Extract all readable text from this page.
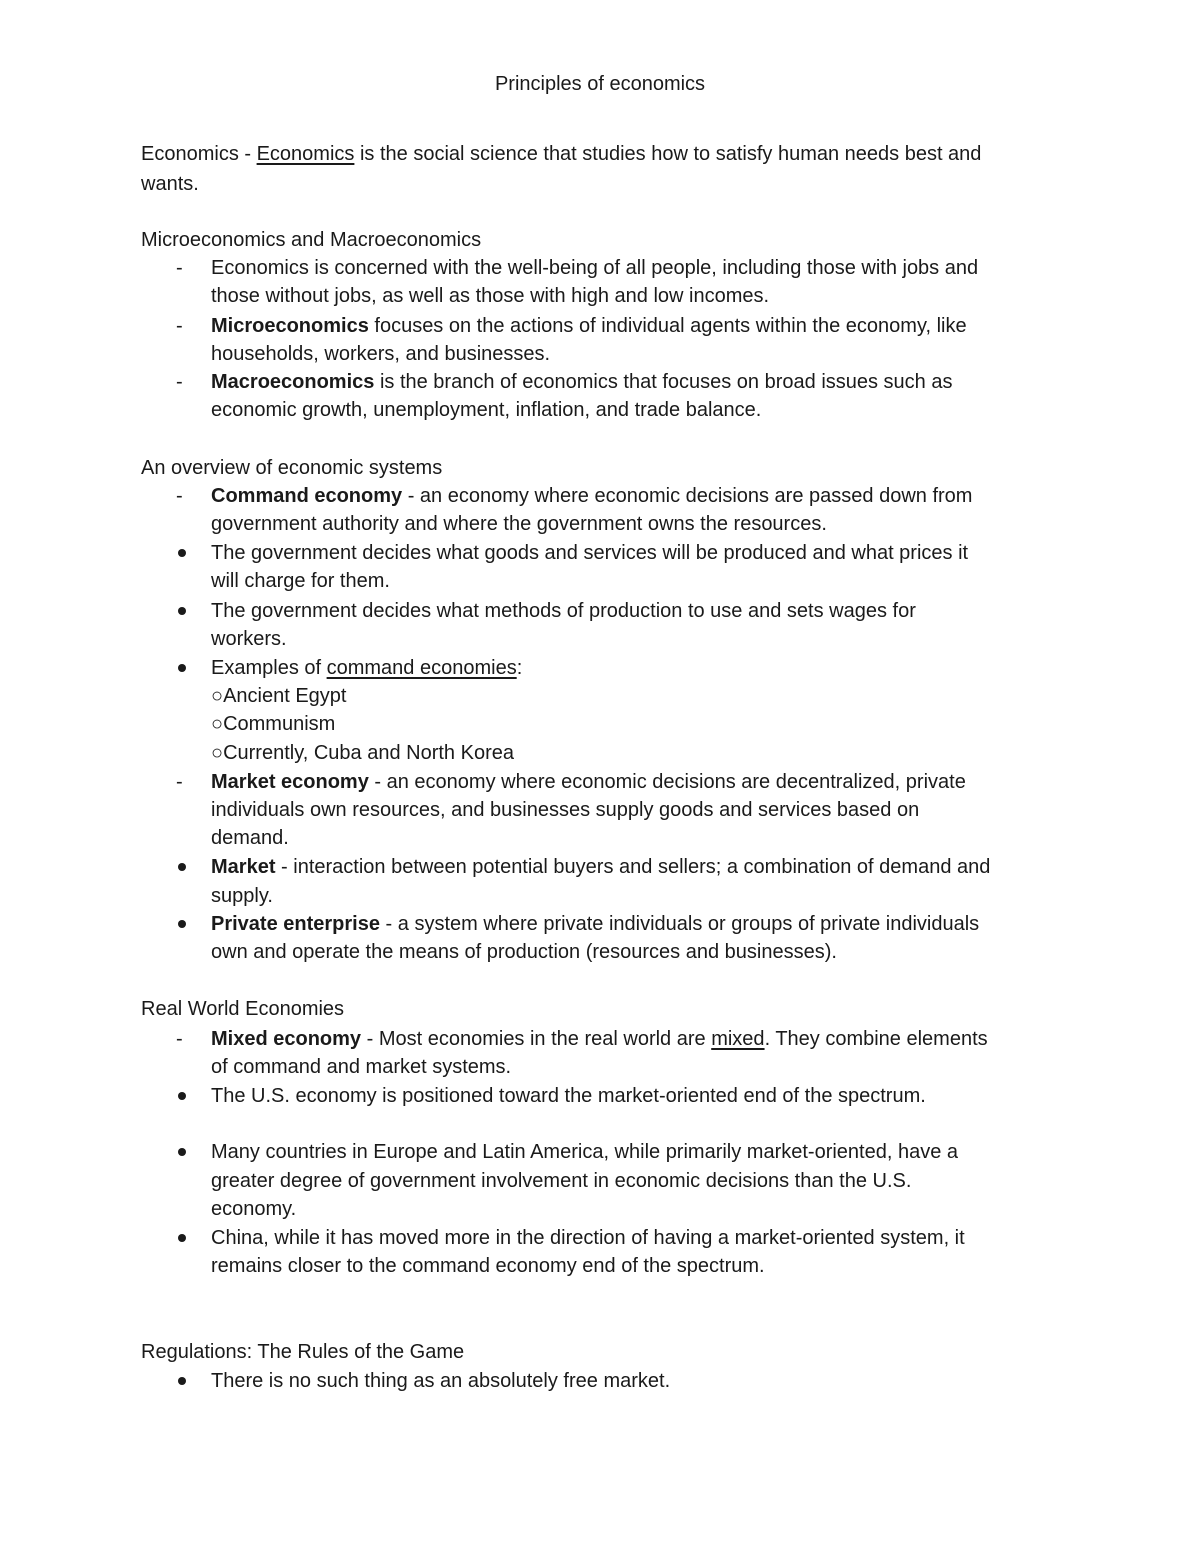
Principles of economics
Economics - Economics is the social science that studies how to satisfy human needs best and
wants.
Microeconomics and Macroeconomics
- Economics is concerned with the well-being of all people, including those with jobs and
those without jobs, as well as those with high and low incomes.
- Microeconomics focuses on the actions of individual agents within the economy, like
households, workers, and businesses.
- Macroeconomics is the branch of economics that focuses on broad issues such as
economic growth, unemployment, inflation, and trade balance.
An overview of economic systems
- Command economy - an economy where economic decisions are passed down from
government authority and where the government owns the resources.
The government decides what goods and services will be produced and what prices it
will charge for them.
The government decides what methods of production to use and sets wages for
workers.
Examples of command economies:
○Ancient Egypt
○Communism
○Currently, Cuba and North Korea
- Market economy - an economy where economic decisions are decentralized, private
individuals own resources, and businesses supply goods and services based on
demand.
Market - interaction between potential buyers and sellers; a combination of demand and
supply.
Private enterprise - a system where private individuals or groups of private individuals
own and operate the means of production (resources and businesses).
Real World Economies
- Mixed economy - Most economies in the real world are mixed. They combine elements
of command and market systems.
The U.S. economy is positioned toward the market-oriented end of the spectrum.
Many countries in Europe and Latin America, while primarily market-oriented, have a
greater degree of government involvement in economic decisions than the U.S.
economy.
China, while it has moved more in the direction of having a market-oriented system, it
remains closer to the command economy end of the spectrum.
Regulations: The Rules of the Game
There is no such thing as an absolutely free market.
